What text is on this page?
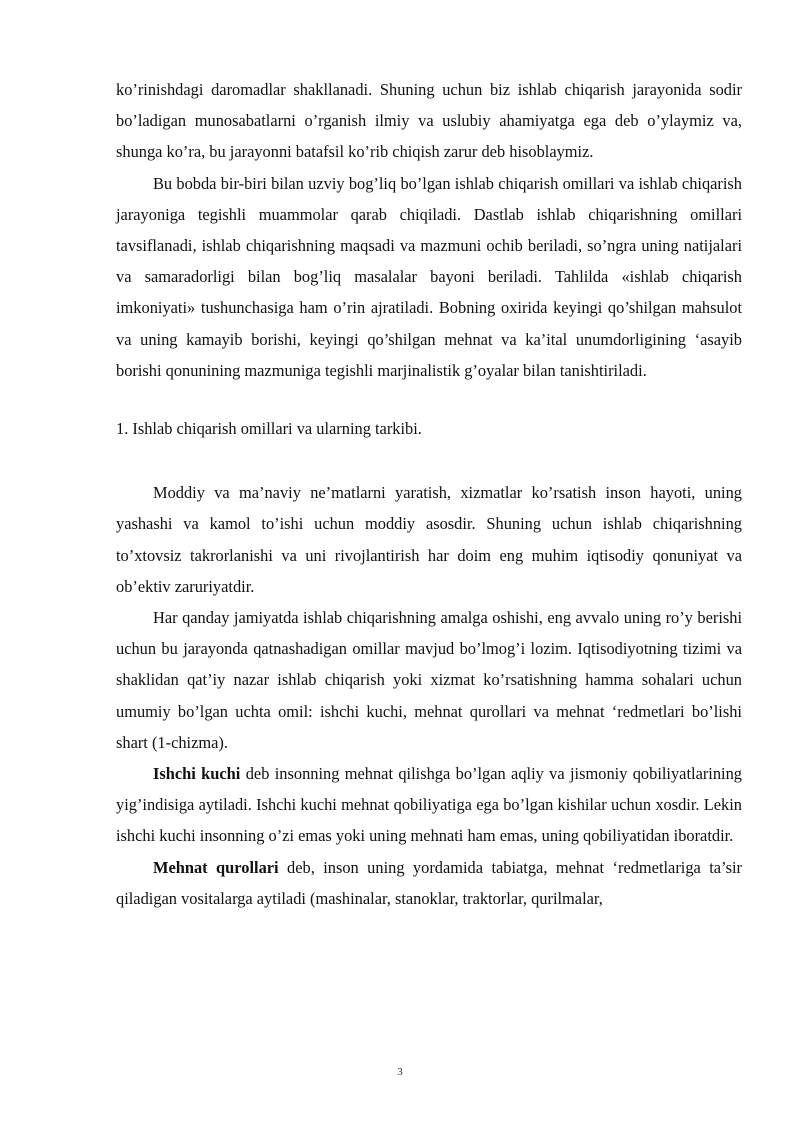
ko’rinishdagi daromadlar shakllanadi. Shuning uchun biz ishlab chiqarish jarayonida sodir bo’ladigan munosabatlarni o’rganish ilmiy va uslubiy ahamiyatga ega deb o’ylaymiz va, shunga ko’ra, bu jarayonni batafsil ko’rib chiqish zarur deb hisoblaymiz.

Bu bobda bir-biri bilan uzviy bog’liq bo’lgan ishlab chiqarish omillari va ishlab chiqarish jarayoniga tegishli muammolar qarab chiqiladi. Dastlab ishlab chiqarishning omillari tavsiflanadi, ishlab chiqarishning maqsadi va mazmuni ochib beriladi, so’ngra uning natijalari va samaradorligi bilan bog’liq masalalar bayoni beriladi. Tahlilda «ishlab chiqarish imkoniyati» tushunchasiga ham o’rin ajratiladi. Bobning oxirida keyingi qo’shilgan mahsulot va uning kamayib borishi, keyingi qo’shilgan mehnat va ka’ital unumdorligining ‘asayib borishi qonunining mazmuniga tegishli marjinalistik g’oyalar bilan tanishtiriladi.

1. Ishlab chiqarish omillari va ularning tarkibi.

Moddiy va ma’naviy ne’matlarni yaratish, xizmatlar ko’rsatish inson hayoti, uning yashashi va kamol to’ishi uchun moddiy asosdir. Shuning uchun ishlab chiqarishning to’xtovsiz takrorlanishi va uni rivojlantirish har doim eng muhim iqtisodiy qonuniyat va ob’ektiv zaruriyatdir.

Har qanday jamiyatda ishlab chiqarishning amalga oshishi, eng avvalo uning ro’y berishi uchun bu jarayonda qatnashadigan omillar mavjud bo’lmog’i lozim. Iqtisodiyotning tizimi va shaklidan qat’iy nazar ishlab chiqarish yoki xizmat ko’rsatishning hamma sohalari uchun umumiy bo’lgan uchta omil: ishchi kuchi, mehnat qurollari va mehnat ‘redmetlari bo’lishi shart (1-chizma).

Ishchi kuchi deb insonning mehnat qilishga bo’lgan aqliy va jismoniy qobiliyatlarining yig’indisiga aytiladi. Ishchi kuchi mehnat qobiliyatiga ega bo’lgan kishilar uchun xosdir. Lekin ishchi kuchi insonning o’zi emas yoki uning mehnati ham emas, uning qobiliyatidan iboratdir.

Mehnat qurollari deb, inson uning yordamida tabiatga, mehnat ‘redmetlariga ta’sir qiladigan vositalarga aytiladi (mashinalar, stanoklar, traktorlar, qurilmalar,

3
